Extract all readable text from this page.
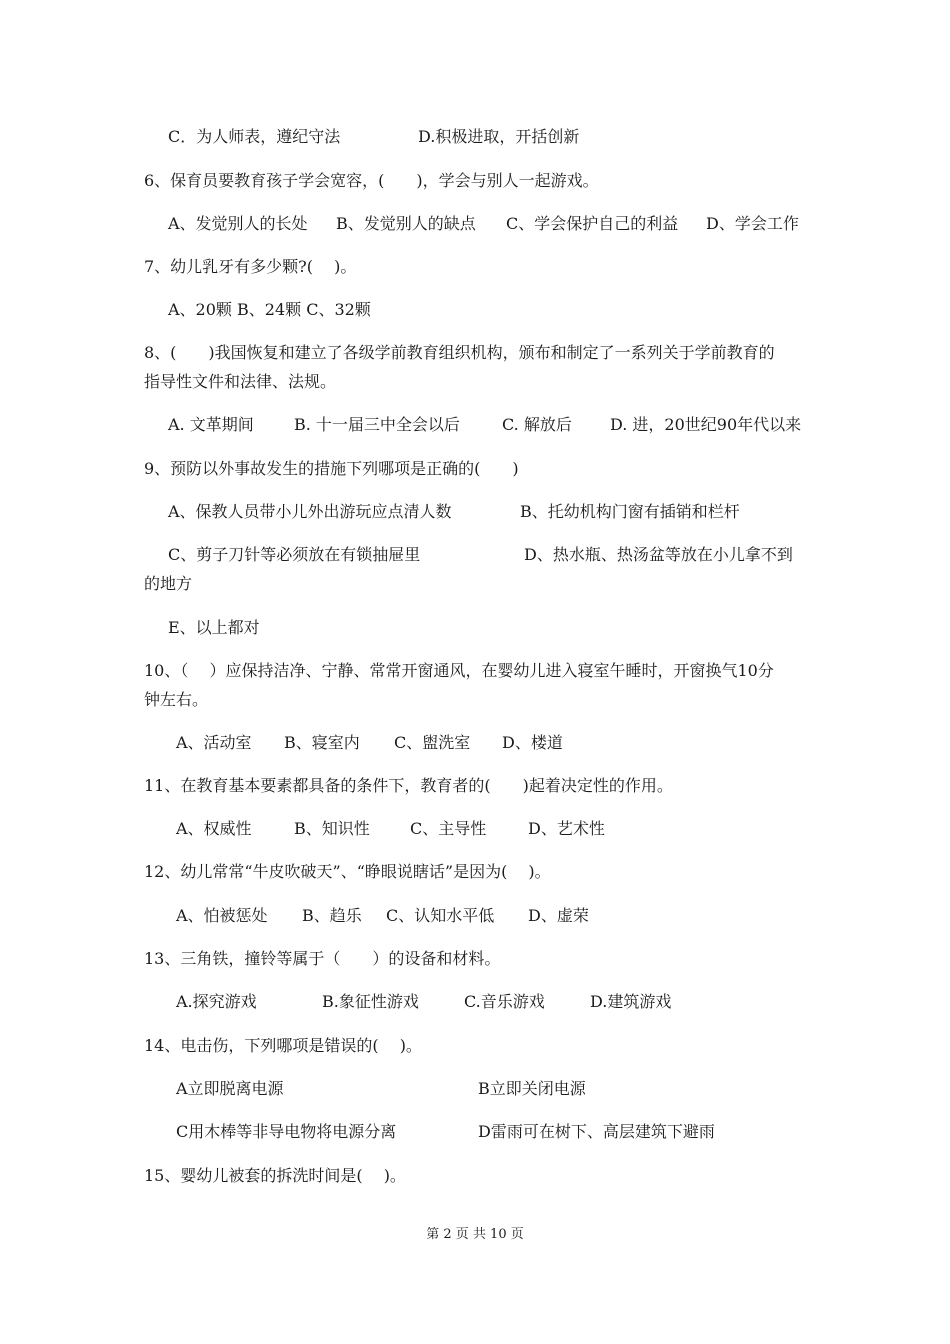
C．为人师表，遵纪守法	D.积极进取，开括创新
6、保育员要教育孩子学会宽容，(　　)，学会与别人一起游戏。
A、发觉别人的长处 B、发觉别人的缺点 C、学会保护自己的利益 D、学会工作
7、幼儿乳牙有多少颗?(　 )。
A、20颗 B、24颗 C、32颗
8、(　　)我国恢复和建立了各级学前教育组织机构，颁布和制定了一系列关于学前教育的
指导性文件和法律、法规。
A. 文革期间	B. 十一届三中全会以后	C. 解放后 D. 进，20世纪90年代以来
9、预防以外事故发生的措施下列哪项是正确的(　　)
A、保教人员带小儿外出游玩应点清人数	B、托幼机构门窗有插销和栏杆
C、剪子刀针等必须放在有锁抽屉里	D、热水瓶、热汤盆等放在小儿拿不到
的地方
E、以上都对
10、（　 ）应保持洁净、宁静、常常开窗通风，在婴幼儿进入寝室午睡时，开窗换气10分
钟左右。
A、活动室 B、寝室内 C、盥洗室 D、楼道
11、在教育基本要素都具备的条件下，教育者的(　　)起着决定性的作用。
A、权威性	B、知识性	C、主导性	D、艺术性
12、幼儿常常“牛皮吹破天”、“睁眼说瞎话”是因为(　 )。
A、怕被惩处 B、趋乐 C、认知水平低 D、虚荣
13、三角铁，撞铃等属于（　　）的设备和材料。
A.探究游戏	B.象征性游戏	C.音乐游戏	D.建筑游戏
14、电击伤，下列哪项是错误的(　 )。
A立即脱离电源	B立即关闭电源
C用木棒等非导电物将电源分离	D雷雨可在树下、高层建筑下避雨
15、婴幼儿被套的拆洗时间是(　 )。
第 2 页 共 10 页
